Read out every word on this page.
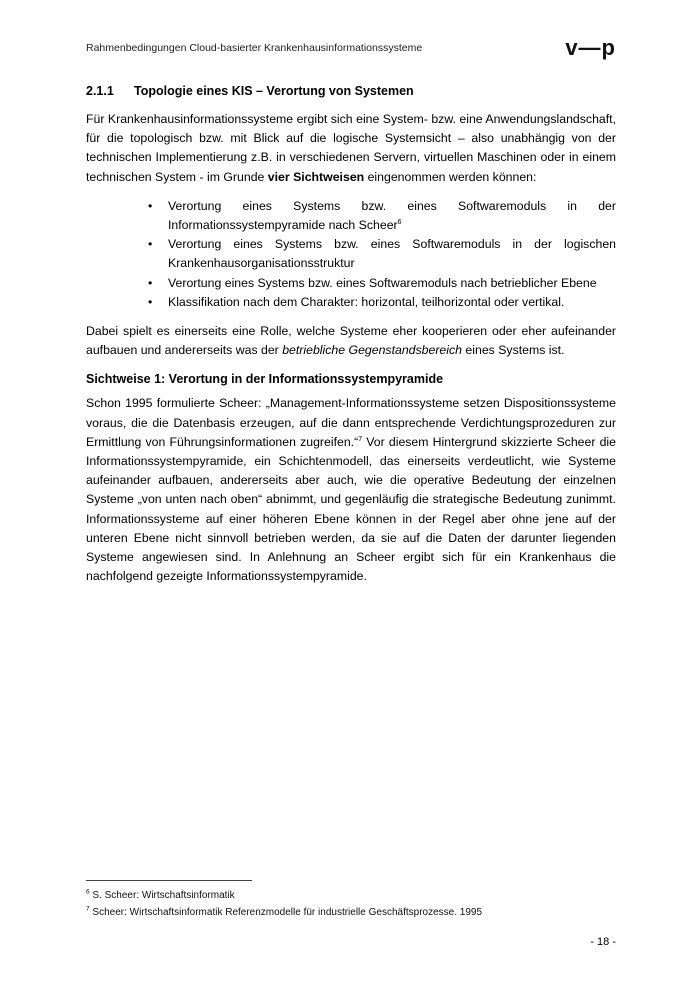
Rahmenbedingungen Cloud-basierter Krankenhausinformationssysteme	v—p
2.1.1 Topologie eines KIS – Verortung von Systemen

Für Krankenhausinformationssysteme ergibt sich eine System- bzw. eine Anwendungslandschaft, für die topologisch bzw. mit Blick auf die logische Systemsicht – also unabhängig von der technischen Implementierung z.B. in verschiedenen Servern, virtuellen Maschinen oder in einem technischen System - im Grunde vier Sichtweisen eingenommen werden können:

• Verortung eines Systems bzw. eines Softwaremoduls in der Informationssystempyramide nach Scheer$^6$
• Verortung eines Systems bzw. eines Softwaremoduls in der logischen Krankenhausorganisationsstruktur
• Verortung eines Systems bzw. eines Softwaremoduls nach betrieblicher Ebene
• Klassifikation nach dem Charakter: horizontal, teilhorizontal oder vertikal.

Dabei spielt es einerseits eine Rolle, welche Systeme eher kooperieren oder eher aufeinander aufbauen und andererseits was der betriebliche Gegenstandsbereich eines Systems ist.

Sichtweise 1: Verortung in der Informationssystempyramide

Schon 1995 formulierte Scheer: „Management-Informationssysteme setzen Dispositionssysteme voraus, die die Datenbasis erzeugen, auf die dann entsprechende Verdichtungsprozeduren zur Ermittlung von Führungsinformationen zugreifen.“$^7$ Vor diesem Hintergrund skizzierte Scheer die Informationssystempyramide, ein Schichtenmodell, das einerseits verdeutlicht, wie Systeme aufeinander aufbauen, andererseits aber auch, wie die operative Bedeutung der einzelnen Systeme „von unten nach oben“ abnimmt, und gegenläufig die strategische Bedeutung zunimmt. Informationssysteme auf einer höheren Ebene können in der Regel aber ohne jene auf der unteren Ebene nicht sinnvoll betrieben werden, da sie auf die Daten der darunter liegenden Systeme angewiesen sind. In Anlehnung an Scheer ergibt sich für ein Krankenhaus die nachfolgend gezeigte Informationssystempyramide.

$^6$ S. Scheer: Wirtschaftsinformatik
$^7$ Scheer: Wirtschaftsinformatik Referenzmodelle für industrielle Geschäftsprozesse. 1995
- 18 -
